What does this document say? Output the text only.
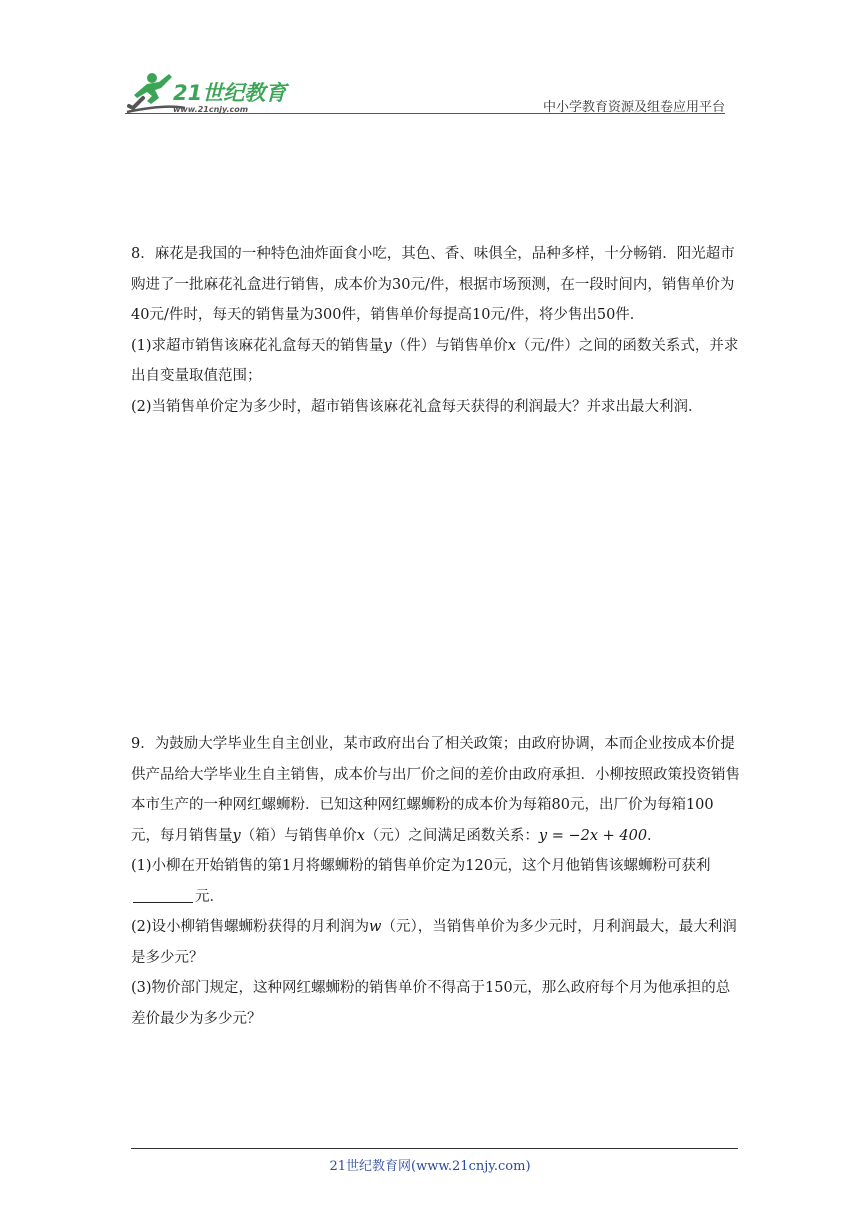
21世纪教育
www.21cnjy.com	中小学教育资源及组卷应用平台

8．麻花是我国的一种特色油炸面食小吃，其色、香、味俱全，品种多样，十分畅销．阳光超市购进了一批麻花礼盒进行销售，成本价为30元/件，根据市场预测，在一段时间内，销售单价为40元/件时，每天的销售量为300件，销售单价每提高10元/件，将少售出50件．

(1)求超市销售该麻花礼盒每天的销售量y（件）与销售单价x（元/件）之间的函数关系式，并求出自变量取值范围；

(2)当销售单价定为多少时，超市销售该麻花礼盒每天获得的利润最大？并求出最大利润．

9．为鼓励大学毕业生自主创业，某市政府出台了相关政策；由政府协调，本而企业按成本价提供产品给大学毕业生自主销售，成本价与出厂价之间的差价由政府承担．小柳按照政策投资销售本市生产的一种网红螺蛳粉．已知这种网红螺蛳粉的成本价为每箱80元，出厂价为每箱100元，每月销售量y（箱）与销售单价x（元）之间满足函数关系：y = −2x + 400．

(1)小柳在开始销售的第1月将螺蛳粉的销售单价定为120元，这个月他销售该螺蛳粉可获利元．

(2)设小柳销售螺蛳粉获得的月利润为w（元），当销售单价为多少元时，月利润最大，最大利润是多少元？

(3)物价部门规定，这种网红螺蛳粉的销售单价不得高于150元，那么政府每个月为他承担的总差价最少为多少元？

21世纪教育网(www.21cnjy.com)
